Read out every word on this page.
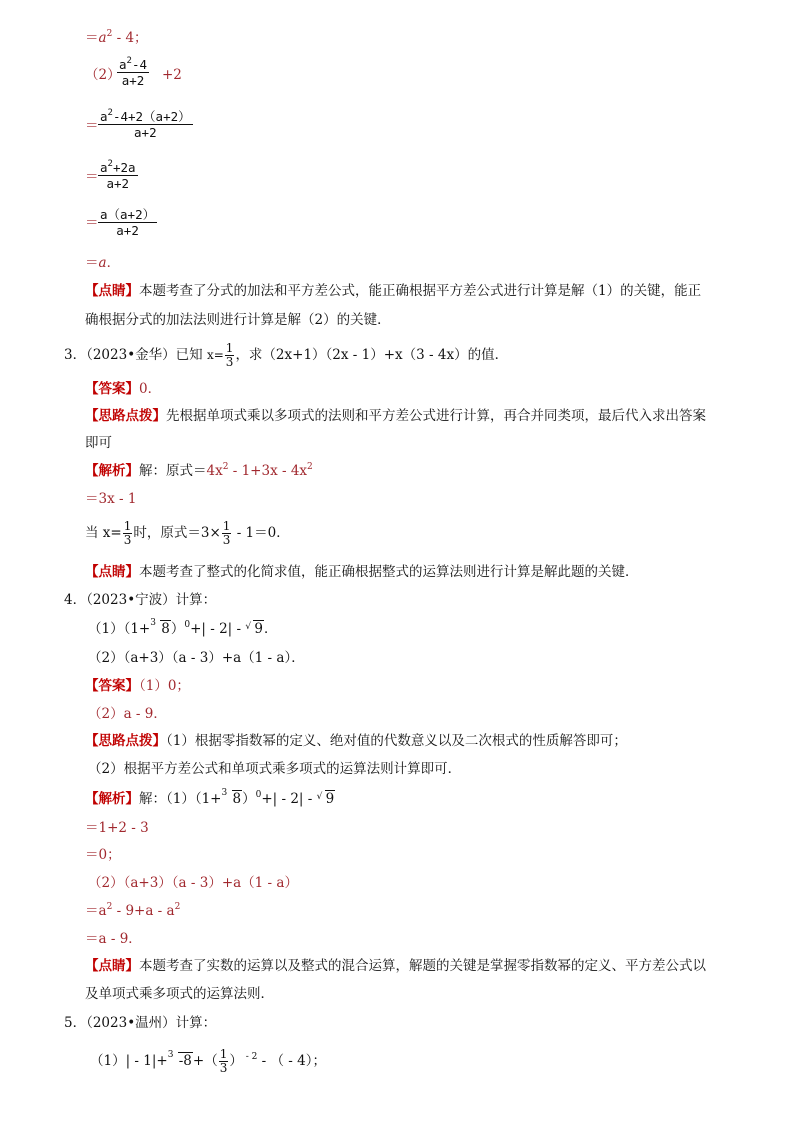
$=a^2 - 4$；
（2）
$a^2-4$
a+2	+2
＝
$a^2-4+2(a+2)$
a+2
＝
$a^2+2a$
a+2
＝
a（a+2）
a+2
＝a．
【点睛】本题考查了分式的加法和平方差公式，能正确根据平方差公式进行计算是解（1）的关键，能正
确根据分式的加法法则进行计算是解（2）的关键．
3．（2023•金华）已知 $x= \frac{1}{3}$ ，求（2x+1）（2x - 1）+x（3 - 4x）的值．
【答案】0．
【思路点拨】先根据单项式乘以多项式的法则和平方差公式进行计算，再合并同类项，最后代入求出答案
即可
【解析】解：原式$=4x^2 - 1+3x - 4x^2$
＝3x - 1
当 $x= \frac{1}{3}$ 时，原式$=3\times \frac{1}{3} - 1=0$．
【点睛】本题考查了整式的化简求值，能正确根据整式的运算法则进行计算是解此题的关键．
4．（2023•宁波）计算：
（1）（1+ 3 8）$^0$+| - 2| - √ 9．
（2）（a+3）（a - 3）+a（1 - a）．
【答案】（1）0；
（2）a - 9．
【思路点拨】（1）根据零指数幂的定义、绝对值的代数意义以及二次根式的性质解答即可；
（2）根据平方差公式和单项式乘多项式的运算法则计算即可．
【解析】解：（1）（1+ 3 8）$^0$+| - 2| - √ 9
＝1+2 - 3
＝0；
（2）（a+3）（a - 3）+a（1 - a）
$=a^2 - 9+a - a^2$
＝a - 9．
【点睛】本题考查了实数的运算以及整式的混合运算，解题的关键是掌握零指数幂的定义、平方差公式以
及单项式乘多项式的运算法则．
5．（2023•温州）计算：
（1）| - 1|+ 3 $-8+( \frac{1}{3}$ ） $^{- 2}$ - （ - 4）；
